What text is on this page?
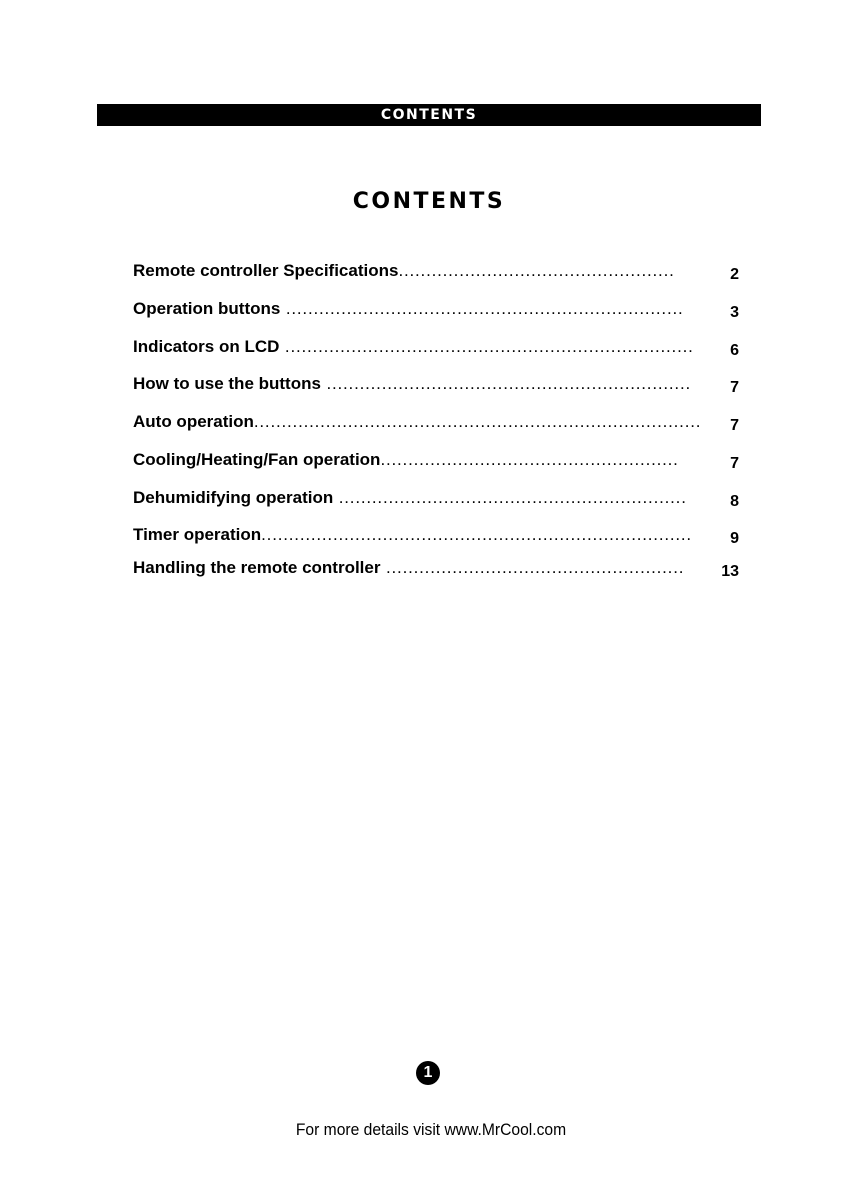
CONTENTS
CONTENTS
Remote controller Specifications..................................................	2
Operation buttons ........................................................................	3
Indicators on LCD ..........................................................................	6
How to use the buttons ..................................................................	7
Auto operation................................................................................. 7
Cooling/Heating/Fan operation......................................................	7
Dehumidifying operation ...............................................................	8
Timer operation..............................................................................	9
Handling the remote controller ......................................................	13
1
For more details visit www.MrCool.com
